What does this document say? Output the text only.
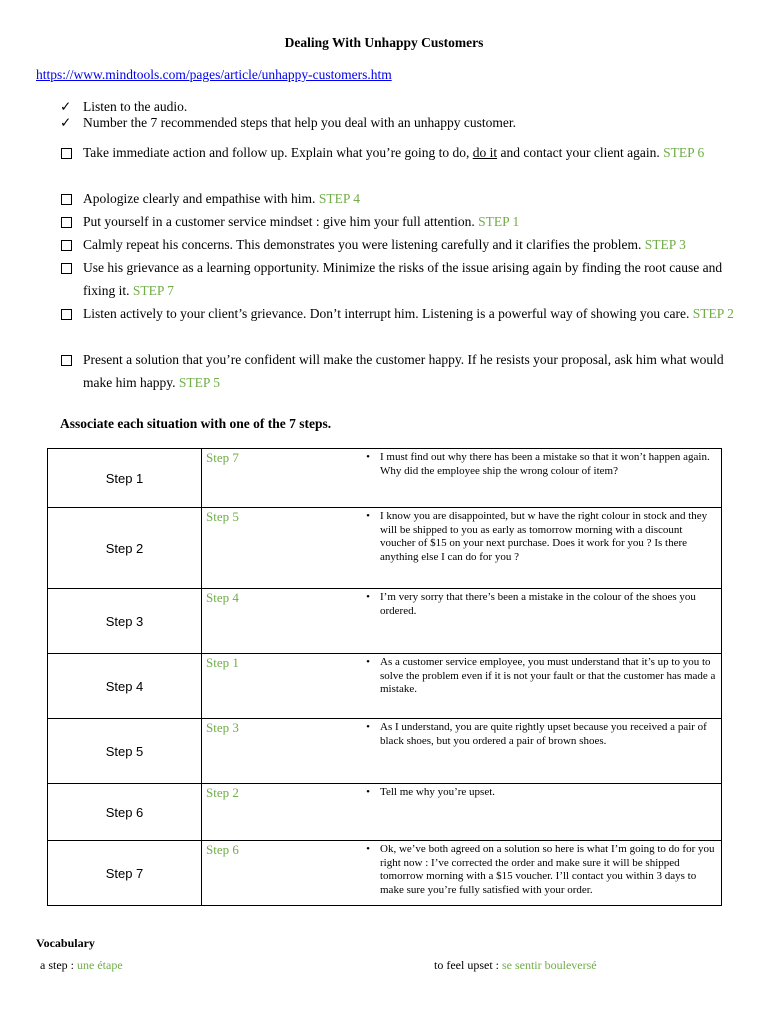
Dealing With Unhappy Customers
https://www.mindtools.com/pages/article/unhappy-customers.htm
✓ Listen to the audio.
✓ Number the 7 recommended steps that help you deal with an unhappy customer.
Take immediate action and follow up. Explain what you’re going to do, do it and contact your client again. STEP 6
Apologize clearly and empathise with him. STEP 4
Put yourself in a customer service mindset : give him your full attention. STEP 1
Calmly repeat his concerns. This demonstrates you were listening carefully and it clarifies the problem. STEP 3
Use his grievance as a learning opportunity. Minimize the risks of the issue arising again by finding the root cause and fixing it. STEP 7
Listen actively to your client’s grievance. Don’t interrupt him. Listening is a powerful way of showing you care. STEP 2
Present a solution that you’re confident will make the customer happy. If he resists your proposal, ask him what would make him happy. STEP 5
Associate each situation with one of the 7 steps.
Step 1	Step 7	• I must find out why there has been a mistake so that it won’t happen again. Why did the employee ship the wrong colour of item?

Step 2	Step 5	• I know you are disappointed, but w have the right colour in stock and they will be shipped to you as early as tomorrow morning with a discount voucher of $15 on your next purchase. Does it work for you ? Is there anything else I can do for you ?

Step 3	Step 4	• I’m very sorry that there’s been a mistake in the colour of the shoes you ordered.

Step 4	Step 1	• As a customer service employee, you must understand that it’s up to you to solve the problem even if it is not your fault or that the customer has made a mistake.

Step 5	Step 3	• As I understand, you are quite rightly upset because you received a pair of black shoes, but you ordered a pair of brown shoes.

Step 6	Step 2	• Tell me why you’re upset.

Step 7	Step 6	• Ok, we’ve both agreed on a solution so here is what I’m going to do for you right now : I’ve corrected the order and make sure it will be shipped tomorrow morning with a $15 voucher. I’ll contact you within 3 days to make sure you’re fully satisfied with your order.
Vocabulary
a step : une étape	to feel upset : se sentir bouleversé
